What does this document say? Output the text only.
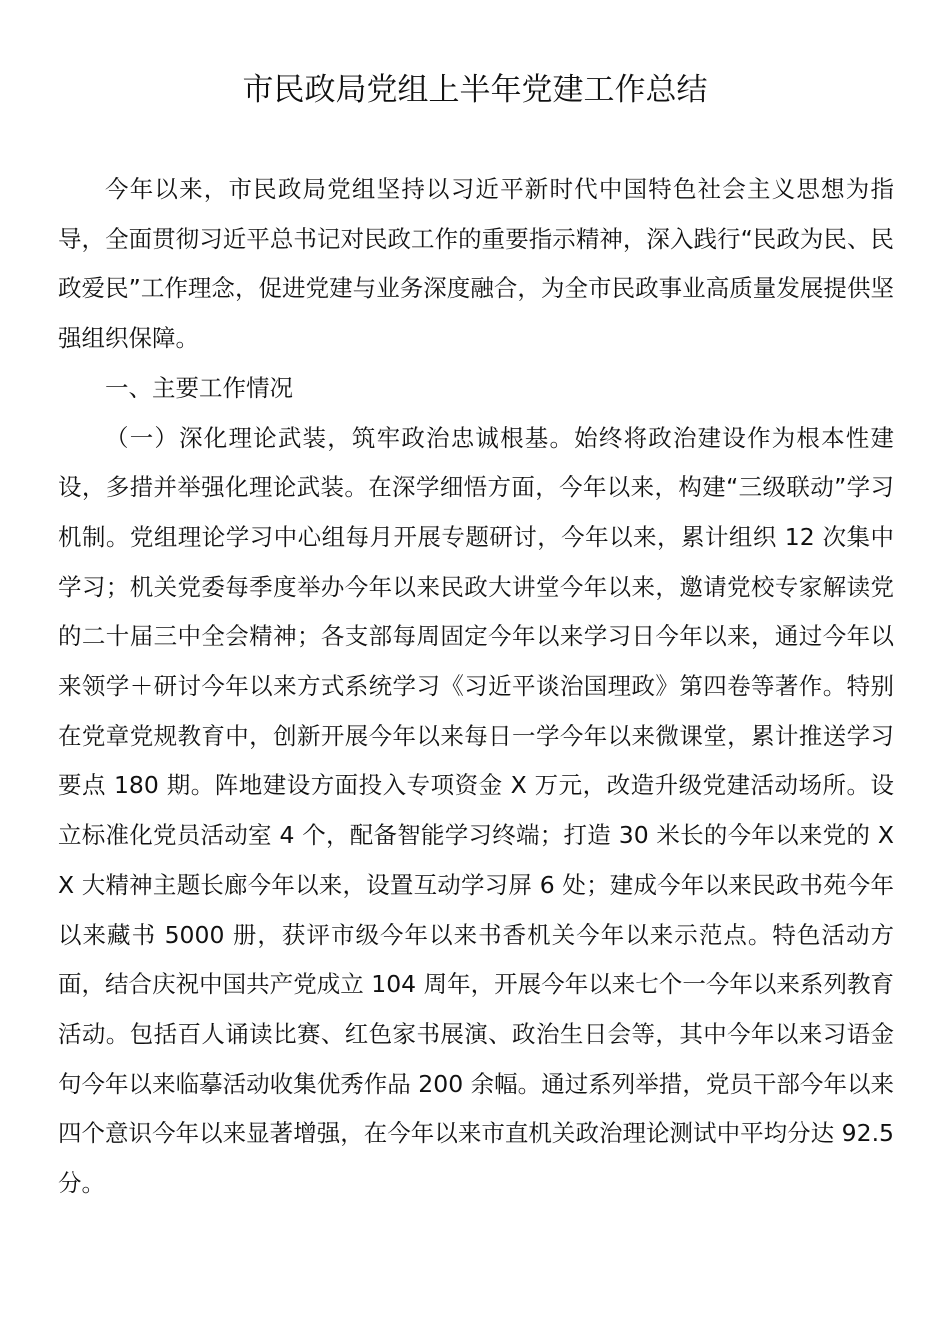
市民政局党组上半年党建工作总结

今年以来，市民政局党组坚持以习近平新时代中国特色社会主义思想为指导，全面贯彻习近平总书记对民政工作的重要指示精神，深入践行“民政为民、民政爱民”工作理念，促进党建与业务深度融合，为全市民政事业高质量发展提供坚强组织保障。

一、主要工作情况

（一）深化理论武装，筑牢政治忠诚根基。始终将政治建设作为根本性建设，多措并举强化理论武装。在深学细悟方面，今年以来，构建“三级联动”学习机制。党组理论学习中心组每月开展专题研讨，今年以来，累计组织 12 次集中学习；机关党委每季度举办今年以来民政大讲堂今年以来，邀请党校专家解读党的二十届三中全会精神；各支部每周固定今年以来学习日今年以来，通过今年以来领学＋研讨今年以来方式系统学习《习近平谈治国理政》第四卷等著作。特别在党章党规教育中，创新开展今年以来每日一学今年以来微课堂，累计推送学习要点 180 期。阵地建设方面投入专项资金 X 万元，改造升级党建活动场所。设立标准化党员活动室 4 个，配备智能学习终端；打造 30 米长的今年以来党的 XX 大精神主题长廊今年以来，设置互动学习屏 6 处；建成今年以来民政书苑今年以来藏书 5000 册，获评市级今年以来书香机关今年以来示范点。特色活动方面，结合庆祝中国共产党成立 104 周年，开展今年以来七个一今年以来系列教育活动。包括百人诵读比赛、红色家书展演、政治生日会等，其中今年以来习语金句今年以来临摹活动收集优秀作品 200 余幅。通过系列举措，党员干部今年以来四个意识今年以来显著增强，在今年以来市直机关政治理论测试中平均分达 92.5 分。
